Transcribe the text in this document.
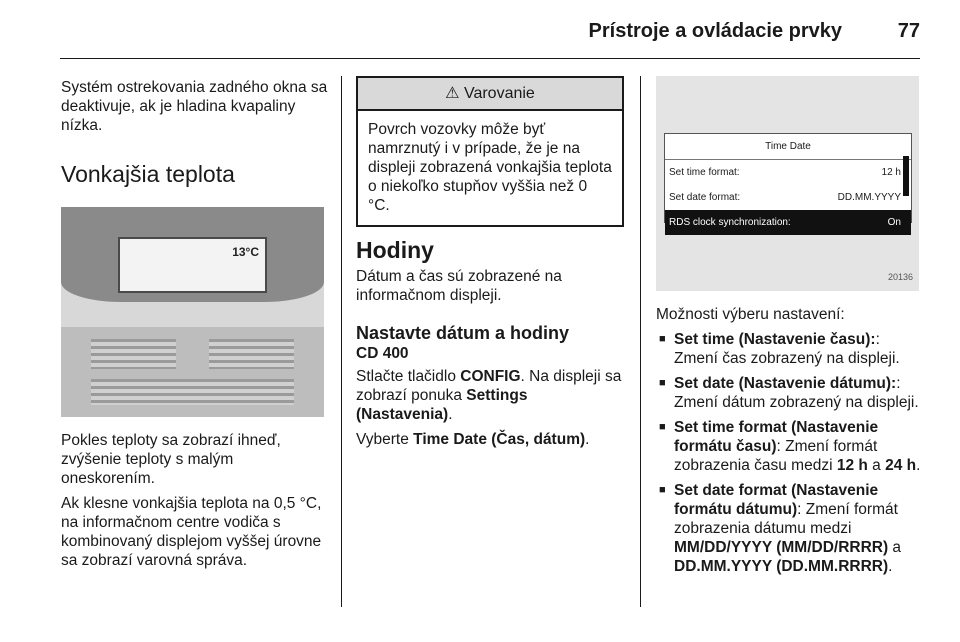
Prístroje a ovládacie prvky	77

Systém ostrekovania zadného okna sa deaktivuje, ak je hladina kvapaliny nízka.

Vonkajšia teplota
13°C

Pokles teploty sa zobrazí ihneď, zvýšenie teploty s malým oneskorením.

Ak klesne vonkajšia teplota na 0,5 °C, na informačnom centre vodiča s kombinovaný displejom vyššej úrovne sa zobrazí varovná správa.

⚠ Varovanie
Povrch vozovky môže byť namrznutý i v prípade, že je na displeji zobrazená vonkajšia teplota o niekoľko stupňov vyššia než 0 °C.
Hodiny

Dátum a čas sú zobrazené na informačnom displeji.

Nastavte dátum a hodiny
CD 400

Stlačte tlačidlo CONFIG. Na displeji sa zobrazí ponuka Settings (Nastavenia).

Vyberte Time Date (Čas, dátum).

Time Date
Set time format:	12 h
Set date format:	DD.MM.YYYY
RDS clock synchronization:	On
20136

Možnosti výberu nastavení:

■ Set time (Nastavenie času):: Zmení čas zobrazený na displeji.
■ Set date (Nastavenie dátumu):: Zmení dátum zobrazený na displeji.
■ Set time format (Nastavenie formátu času): Zmení formát zobrazenia času medzi 12 h a 24 h.
■ Set date format (Nastavenie formátu dátumu): Zmení formát zobrazenia dátumu medzi MM/DD/YYYY (MM/DD/RRRR) a DD.MM.YYYY (DD.MM.RRRR).
